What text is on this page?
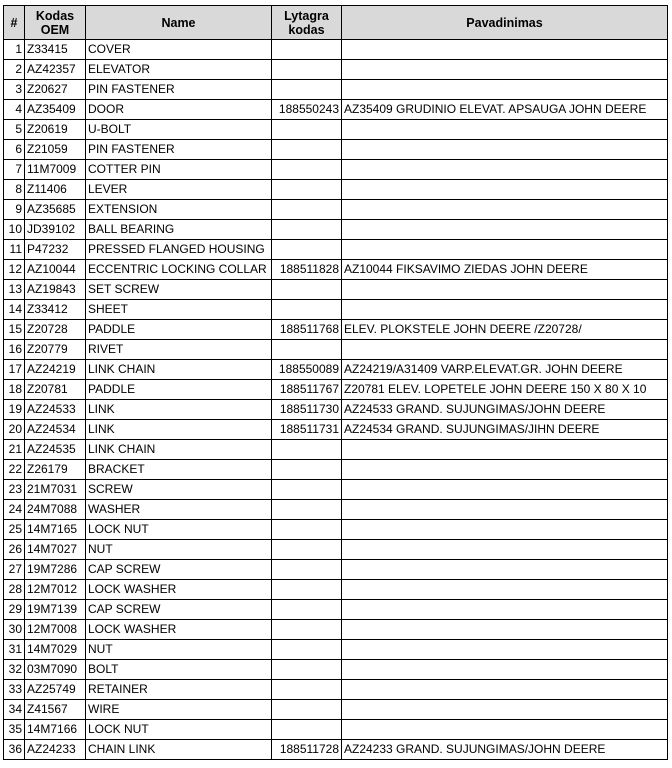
#	Kodas OEM	Name	Lytagra kodas	Pavadinimas
1	Z33415	COVER		
2	AZ42357	ELEVATOR		
3	Z20627	PIN FASTENER		
4	AZ35409	DOOR	188550243	AZ35409 GRUDINIO ELEVAT. APSAUGA JOHN DEERE
5	Z20619	U-BOLT		
6	Z21059	PIN FASTENER		
7	11M7009	COTTER PIN		
8	Z11406	LEVER		
9	AZ35685	EXTENSION		
10	JD39102	BALL BEARING		
11	P47232	PRESSED FLANGED HOUSING		
12	AZ10044	ECCENTRIC LOCKING COLLAR	188511828	AZ10044 FIKSAVIMO ZIEDAS JOHN DEERE
13	AZ19843	SET SCREW		
14	Z33412	SHEET		
15	Z20728	PADDLE	188511768	ELEV. PLOKSTELE JOHN DEERE /Z20728/
16	Z20779	RIVET		
17	AZ24219	LINK CHAIN	188550089	AZ24219/A31409 VARP.ELEVAT.GR. JOHN DEERE
18	Z20781	PADDLE	188511767	Z20781 ELEV. LOPETELE JOHN DEERE 150 X 80 X 10
19	AZ24533	LINK	188511730	AZ24533 GRAND. SUJUNGIMAS/JOHN DEERE
20	AZ24534	LINK	188511731	AZ24534 GRAND. SUJUNGIMAS/JIHN DEERE
21	AZ24535	LINK CHAIN		
22	Z26179	BRACKET		
23	21M7031	SCREW		
24	24M7088	WASHER		
25	14M7165	LOCK NUT		
26	14M7027	NUT		
27	19M7286	CAP SCREW		
28	12M7012	LOCK WASHER		
29	19M7139	CAP SCREW		
30	12M7008	LOCK WASHER		
31	14M7029	NUT		
32	03M7090	BOLT		
33	AZ25749	RETAINER		
34	Z41567	WIRE		
35	14M7166	LOCK NUT		
36	AZ24233	CHAIN LINK	188511728	AZ24233 GRAND. SUJUNGIMAS/JOHN DEERE
